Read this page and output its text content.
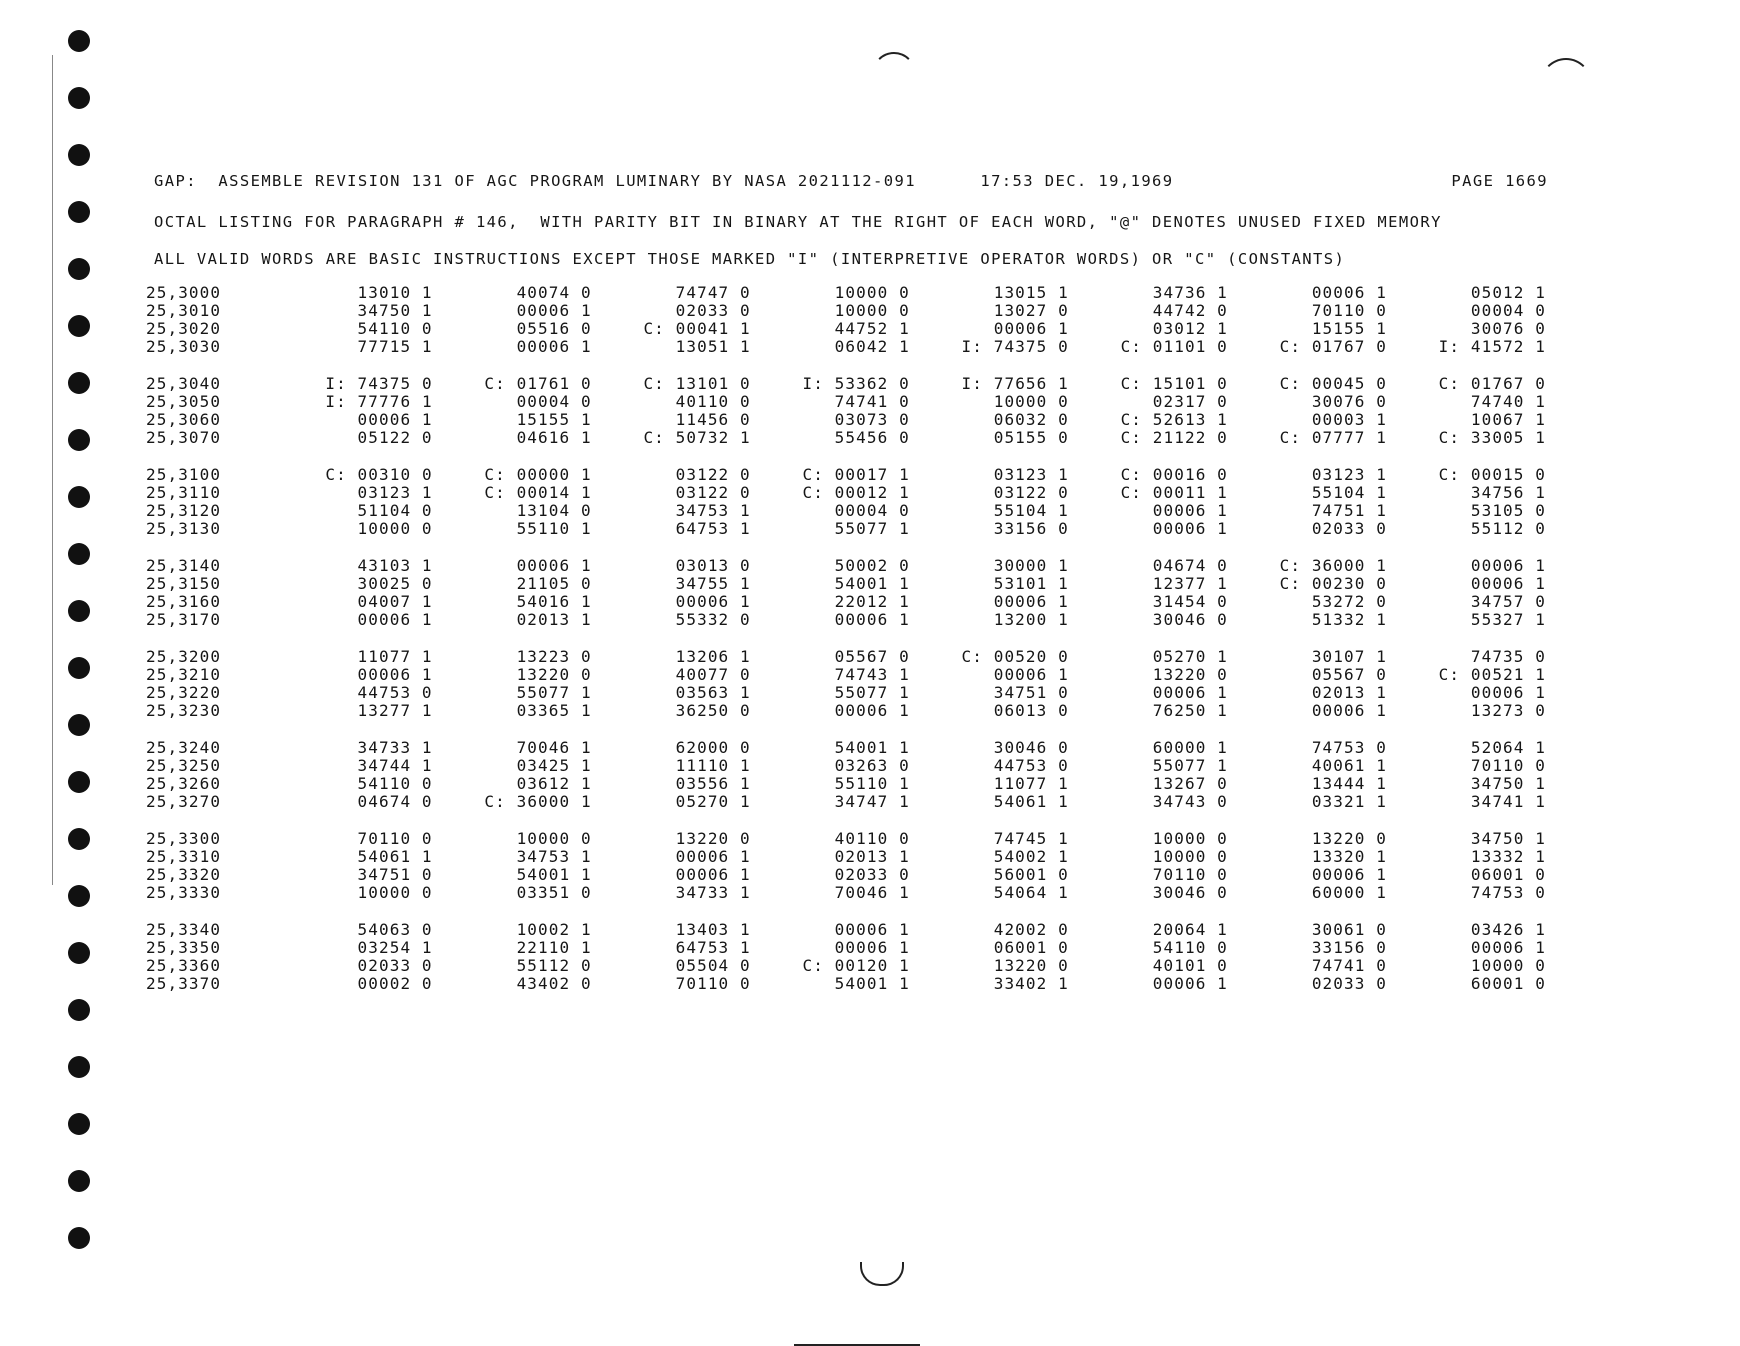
GAP:  ASSEMBLE REVISION 131 OF AGC PROGRAM LUMINARY BY NASA 2021112-091      17:53 DEC. 19,1969	PAGE 1669
OCTAL LISTING FOR PARAGRAPH # 146,  WITH PARITY BIT IN BINARY AT THE RIGHT OF EACH WORD, "@" DENOTES UNUSED FIXED MEMORY
ALL VALID WORDS ARE BASIC INSTRUCTIONS EXCEPT THOSE MARKED "I" (INTERPRETIVE OPERATOR WORDS) OR "C" (CONSTANTS)
25,3000	13010 1	40074 0	74747 0	10000 0	13015 1	34736 1	00006 1	05012 1
25,3010	34750 1	00006 1	02033 0	10000 0	13027 0	44742 0	70110 0	00004 0
25,3020	54110 0	05516 0	C: 00041 1	44752 1	00006 1	03012 1	15155 1	30076 0
25,3030	77715 1	00006 1	13051 1	06042 1	I: 74375 0	C: 01101 0	C: 01767 0	I: 41572 1
25,3040	I: 74375 0	C: 01761 0	C: 13101 0	I: 53362 0	I: 77656 1	C: 15101 0	C: 00045 0	C: 01767 0
25,3050	I: 77776 1	00004 0	40110 0	74741 0	10000 0	02317 0	30076 0	74740 1
25,3060	00006 1	15155 1	11456 0	03073 0	06032 0	C: 52613 1	00003 1	10067 1
25,3070	05122 0	04616 1	C: 50732 1	55456 0	05155 0	C: 21122 0	C: 07777 1	C: 33005 1
25,3100	C: 00310 0	C: 00000 1	03122 0	C: 00017 1	03123 1	C: 00016 0	03123 1	C: 00015 0
25,3110	03123 1	C: 00014 1	03122 0	C: 00012 1	03122 0	C: 00011 1	55104 1	34756 1
25,3120	51104 0	13104 0	34753 1	00004 0	55104 1	00006 1	74751 1	53105 0
25,3130	10000 0	55110 1	64753 1	55077 1	33156 0	00006 1	02033 0	55112 0
25,3140	43103 1	00006 1	03013 0	50002 0	30000 1	04674 0	C: 36000 1	00006 1
25,3150	30025 0	21105 0	34755 1	54001 1	53101 1	12377 1	C: 00230 0	00006 1
25,3160	04007 1	54016 1	00006 1	22012 1	00006 1	31454 0	53272 0	34757 0
25,3170	00006 1	02013 1	55332 0	00006 1	13200 1	30046 0	51332 1	55327 1
25,3200	11077 1	13223 0	13206 1	05567 0	C: 00520 0	05270 1	30107 1	74735 0
25,3210	00006 1	13220 0	40077 0	74743 1	00006 1	13220 0	05567 0	C: 00521 1
25,3220	44753 0	55077 1	03563 1	55077 1	34751 0	00006 1	02013 1	00006 1
25,3230	13277 1	03365 1	36250 0	00006 1	06013 0	76250 1	00006 1	13273 0
25,3240	34733 1	70046 1	62000 0	54001 1	30046 0	60000 1	74753 0	52064 1
25,3250	34744 1	03425 1	11110 1	03263 0	44753 0	55077 1	40061 1	70110 0
25,3260	54110 0	03612 1	03556 1	55110 1	11077 1	13267 0	13444 1	34750 1
25,3270	04674 0	C: 36000 1	05270 1	34747 1	54061 1	34743 0	03321 1	34741 1
25,3300	70110 0	10000 0	13220 0	40110 0	74745 1	10000 0	13220 0	34750 1
25,3310	54061 1	34753 1	00006 1	02013 1	54002 1	10000 0	13320 1	13332 1
25,3320	34751 0	54001 1	00006 1	02033 0	56001 0	70110 0	00006 1	06001 0
25,3330	10000 0	03351 0	34733 1	70046 1	54064 1	30046 0	60000 1	74753 0
25,3340	54063 0	10002 1	13403 1	00006 1	42002 0	20064 1	30061 0	03426 1
25,3350	03254 1	22110 1	64753 1	00006 1	06001 0	54110 0	33156 0	00006 1
25,3360	02033 0	55112 0	05504 0	C: 00120 1	13220 0	40101 0	74741 0	10000 0
25,3370	00002 0	43402 0	70110 0	54001 1	33402 1	00006 1	02033 0	60001 0
